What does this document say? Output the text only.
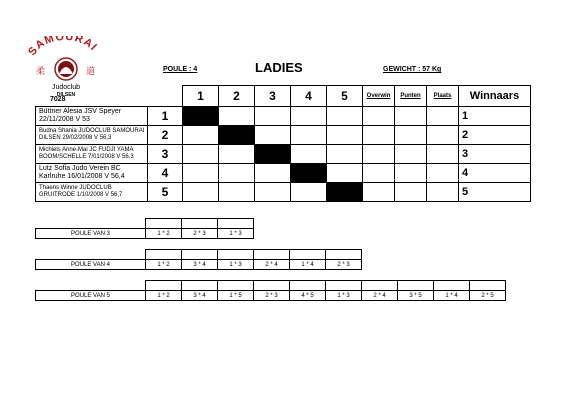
SAMOURAI
柔	道
Judoclub
DILSEN
POULE : 4	LADIES	GEWICHT : 57 Kg
7028
			1	2	3	4	5	Overwin	Punten	Plaats	Winnaars

Büttner Alesia JSV Speyer
22/11/2008 V 53	1									1

Budna Shania JUDOCLUB SAMOURAI
DILSEN 29/02/2008 V 56,3	2									2

Michiels Anne-Mai JC FUDJI YAMA
BOOM/SCHELLE 7/01/2008 V 56,3	3									3

Lutz Sofia Judo Verein BC
Karlruhe 16/01/2008 V 56,4	4									4

Thaens Winne JUDOCLUB
GRUITRODE 1/10/2008 V 56,7	5									5

POULE VAN 3	1 * 2	2 * 3	1 * 3

POULE VAN 4	1 * 2	3 * 4	1 * 3	2 * 4	1 * 4	2 * 3

POULE VAN 5	1 * 2	3 * 4	1 * 5	2 * 3	4 * 5	1 * 3	2 * 4	3 * 5	1 * 4	2 * 5
